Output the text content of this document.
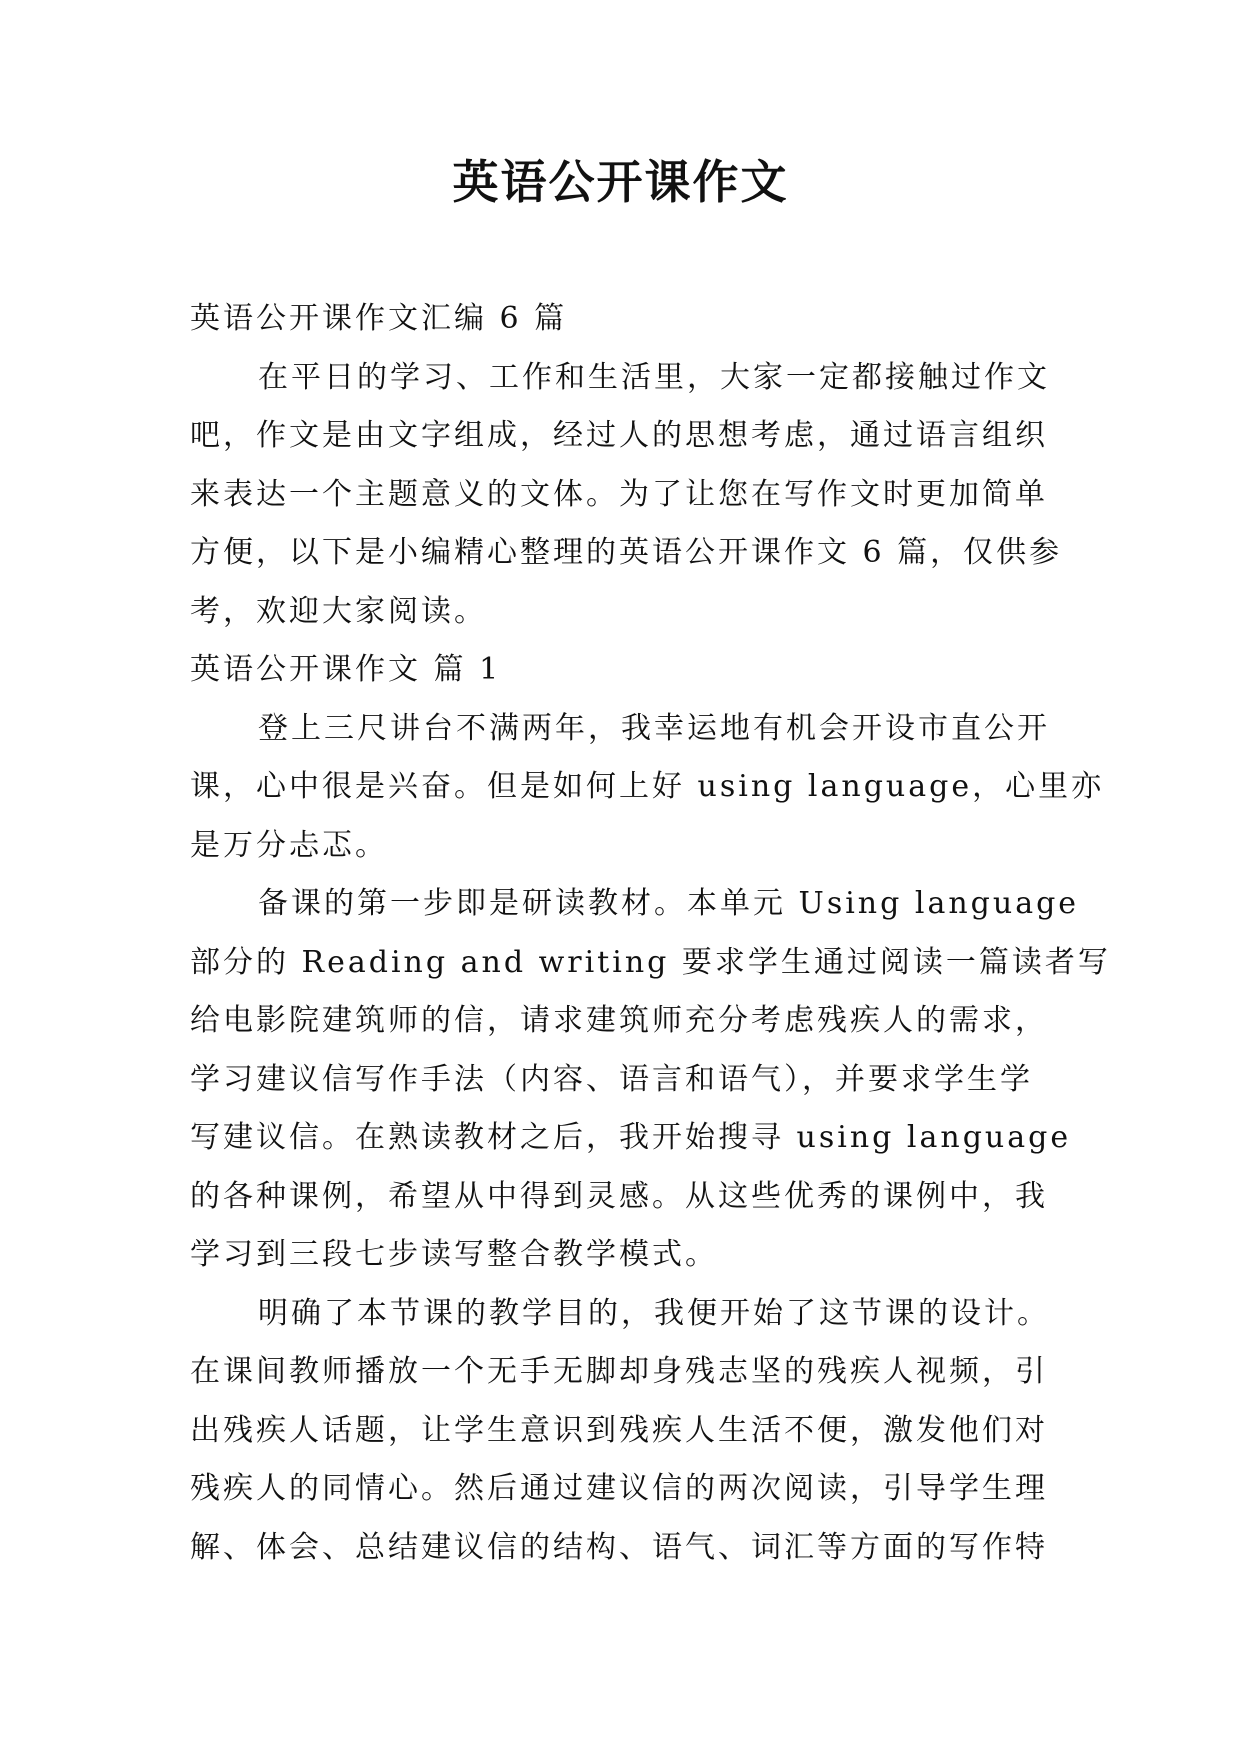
英语公开课作文
英语公开课作文汇编 6 篇
在平日的学习、工作和生活里，大家一定都接触过作文
吧，作文是由文字组成，经过人的思想考虑，通过语言组织
来表达一个主题意义的文体。为了让您在写作文时更加简单
方便，以下是小编精心整理的英语公开课作文 6 篇，仅供参
考，欢迎大家阅读。
英语公开课作文 篇 1
登上三尺讲台不满两年，我幸运地有机会开设市直公开
课，心中很是兴奋。但是如何上好 using language，心里亦
是万分忐忑。
备课的第一步即是研读教材。本单元 Using language
部分的 Reading and writing 要求学生通过阅读一篇读者写
给电影院建筑师的信，请求建筑师充分考虑残疾人的需求，
学习建议信写作手法（内容、语言和语气），并要求学生学
写建议信。在熟读教材之后，我开始搜寻 using language
的各种课例，希望从中得到灵感。从这些优秀的课例中，我
学习到三段七步读写整合教学模式。
明确了本节课的教学目的，我便开始了这节课的设计。
在课间教师播放一个无手无脚却身残志坚的残疾人视频，引
出残疾人话题，让学生意识到残疾人生活不便，激发他们对
残疾人的同情心。然后通过建议信的两次阅读，引导学生理
解、体会、总结建议信的结构、语气、词汇等方面的写作特
